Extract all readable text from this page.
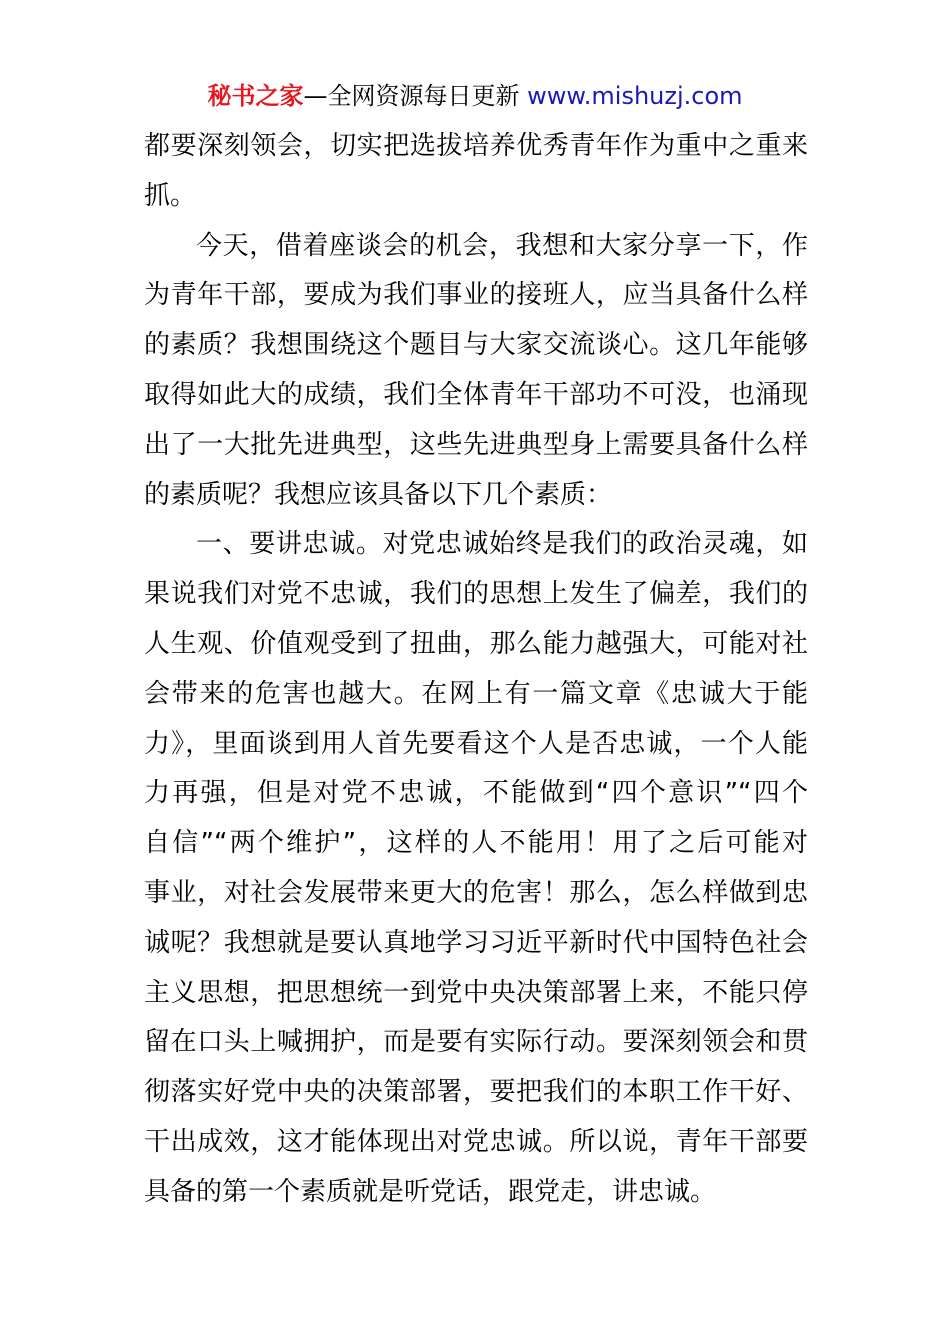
秘书之家—全网资源每日更新 www.mishuzj.com
都要深刻领会，切实把选拔培养优秀青年作为重中之重来
抓。
今天，借着座谈会的机会，我想和大家分享一下，作
为青年干部，要成为我们事业的接班人，应当具备什么样
的素质？我想围绕这个题目与大家交流谈心。这几年能够
取得如此大的成绩，我们全体青年干部功不可没，也涌现
出了一大批先进典型，这些先进典型身上需要具备什么样
的素质呢？我想应该具备以下几个素质：
一、要讲忠诚。对党忠诚始终是我们的政治灵魂，如
果说我们对党不忠诚，我们的思想上发生了偏差，我们的
人生观、价值观受到了扭曲，那么能力越强大，可能对社
会带来的危害也越大。在网上有一篇文章《忠诚大于能
力》，里面谈到用人首先要看这个人是否忠诚，一个人能
力再强，但是对党不忠诚，不能做到“四个意识”“四个
自信”“两个维护”，这样的人不能用！用了之后可能对
事业，对社会发展带来更大的危害！那么，怎么样做到忠
诚呢？我想就是要认真地学习习近平新时代中国特色社会
主义思想，把思想统一到党中央决策部署上来，不能只停
留在口头上喊拥护，而是要有实际行动。要深刻领会和贯
彻落实好党中央的决策部署，要把我们的本职工作干好、
干出成效，这才能体现出对党忠诚。所以说，青年干部要
具备的第一个素质就是听党话，跟党走，讲忠诚。
